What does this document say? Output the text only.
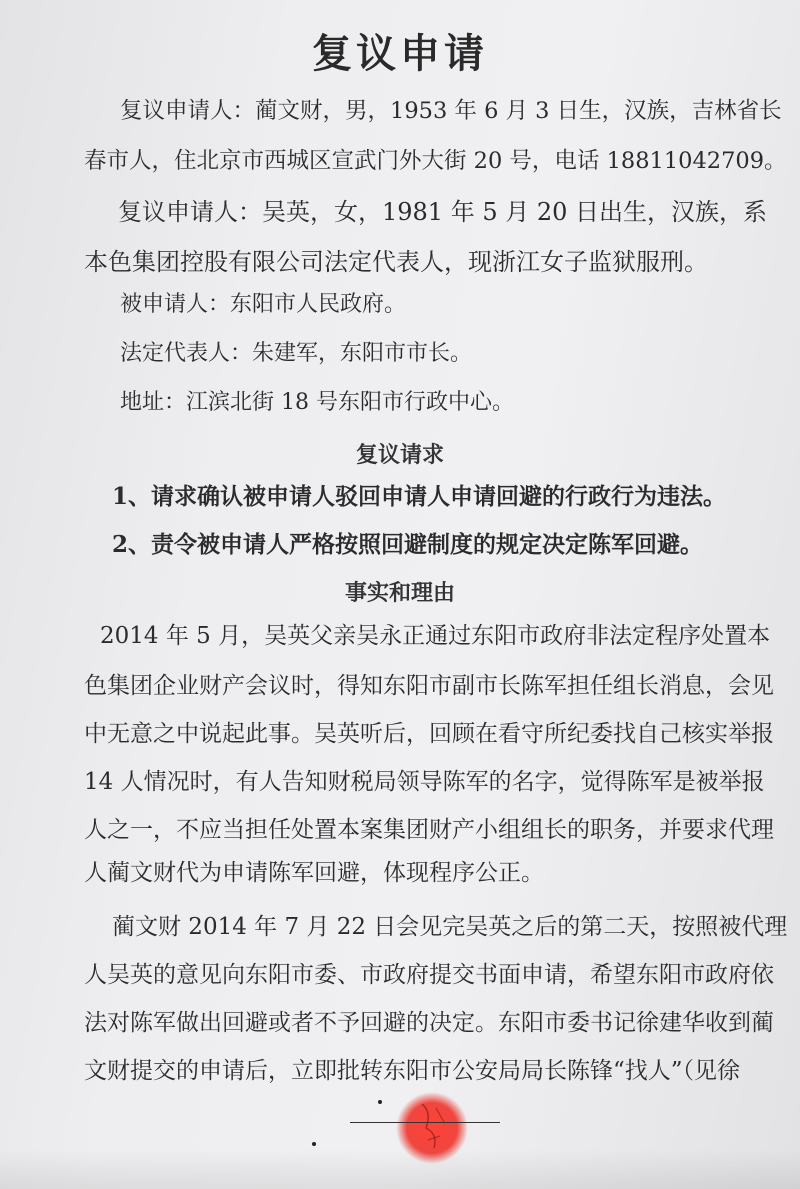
复议申请
复议申请人：蔺文财，男，1953 年 6 月 3 日生，汉族，吉林省长
春市人，住北京市西城区宣武门外大街 20 号，电话 18811042709。
复议申请人：吴英，女，1981 年 5 月 20 日出生，汉族，系
本色集团控股有限公司法定代表人，现浙江女子监狱服刑。
被申请人：东阳市人民政府。
法定代表人：朱建军，东阳市市长。
地址：江滨北街 18 号东阳市行政中心。
复议请求
1、请求确认被申请人驳回申请人申请回避的行政行为违法。
2、责令被申请人严格按照回避制度的规定决定陈军回避。
事实和理由
2014 年 5 月，吴英父亲吴永正通过东阳市政府非法定程序处置本
色集团企业财产会议时，得知东阳市副市长陈军担任组长消息，会见
中无意之中说起此事。吴英听后，回顾在看守所纪委找自己核实举报
14 人情况时，有人告知财税局领导陈军的名字，觉得陈军是被举报
人之一，不应当担任处置本案集团财产小组组长的职务，并要求代理
人蔺文财代为申请陈军回避，体现程序公正。
蔺文财 2014 年 7 月 22 日会见完吴英之后的第二天，按照被代理
人吴英的意见向东阳市委、市政府提交书面申请，希望东阳市政府依
法对陈军做出回避或者不予回避的决定。东阳市委书记徐建华收到蔺
文财提交的申请后，立即批转东阳市公安局局长陈锋“找人”（见徐
